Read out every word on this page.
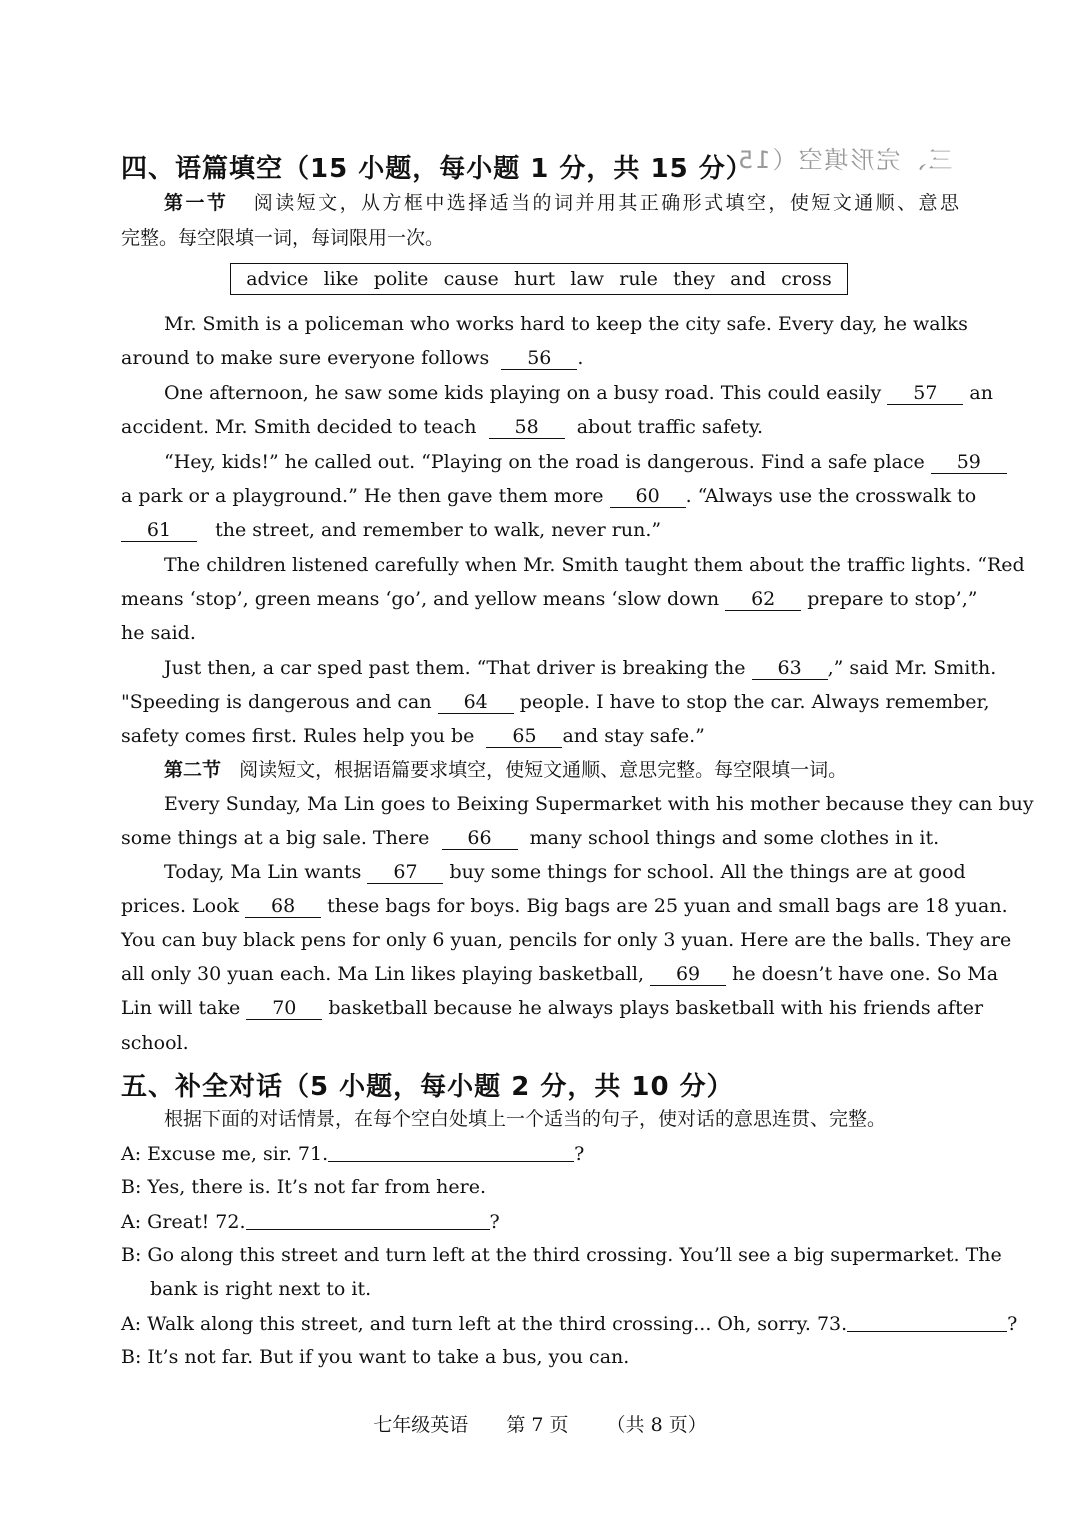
三、完形填空（15
四、语篇填空（15 小题，每小题 1 分，共 15 分）
第一节 阅读短文，从方框中选择适当的词并用其正确形式填空，使短文通顺、意思
完整。每空限填一词，每词限用一次。
advice like polite cause hurt law rule they and cross
Mr. Smith is a policeman who works hard to keep the city safe. Every day, he walks
around to make sure everyone follows 56 .
One afternoon, he saw some kids playing on a busy road. This could easily 57 an
accident. Mr. Smith decided to teach 58 about traffic safety.
“Hey, kids!” he called out. “Playing on the road is dangerous. Find a safe place 59
a park or a playground.” He then gave them more 60 . “Always use the crosswalk to
61 the street, and remember to walk, never run.”
The children listened carefully when Mr. Smith taught them about the traffic lights. “Red
means ‘stop’, green means ‘go’, and yellow means ‘slow down 62 prepare to stop’,”
he said.
Just then, a car sped past them. “That driver is breaking the 63 ,” said Mr. Smith.
"Speeding is dangerous and can 64 people. I have to stop the car. Always remember,
safety comes first. Rules help you be 65 and stay safe.”
第二节 阅读短文，根据语篇要求填空，使短文通顺、意思完整。每空限填一词。
Every Sunday, Ma Lin goes to Beixing Supermarket with his mother because they can buy
some things at a big sale. There 66 many school things and some clothes in it.
Today, Ma Lin wants 67 buy some things for school. All the things are at good
prices. Look 68 these bags for boys. Big bags are 25 yuan and small bags are 18 yuan.
You can buy black pens for only 6 yuan, pencils for only 3 yuan. Here are the balls. They are
all only 30 yuan each. Ma Lin likes playing basketball, 69 he doesn’t have one. So Ma
Lin will take 70 basketball because he always plays basketball with his friends after
school.
五、补全对话（5 小题，每小题 2 分，共 10 分）
根据下面的对话情景，在每个空白处填上一个适当的句子，使对话的意思连贯、完整。
A: Excuse me, sir. 71.	?
B: Yes, there is. It’s not far from here.
A: Great! 72.	?
B: Go along this street and turn left at the third crossing. You’ll see a big supermarket. The
bank is right next to it.
A: Walk along this street, and turn left at the third crossing... Oh, sorry. 73.	?
B: It’s not far. But if you want to take a bus, you can.
七年级英语 第 7 页 （共 8 页）
